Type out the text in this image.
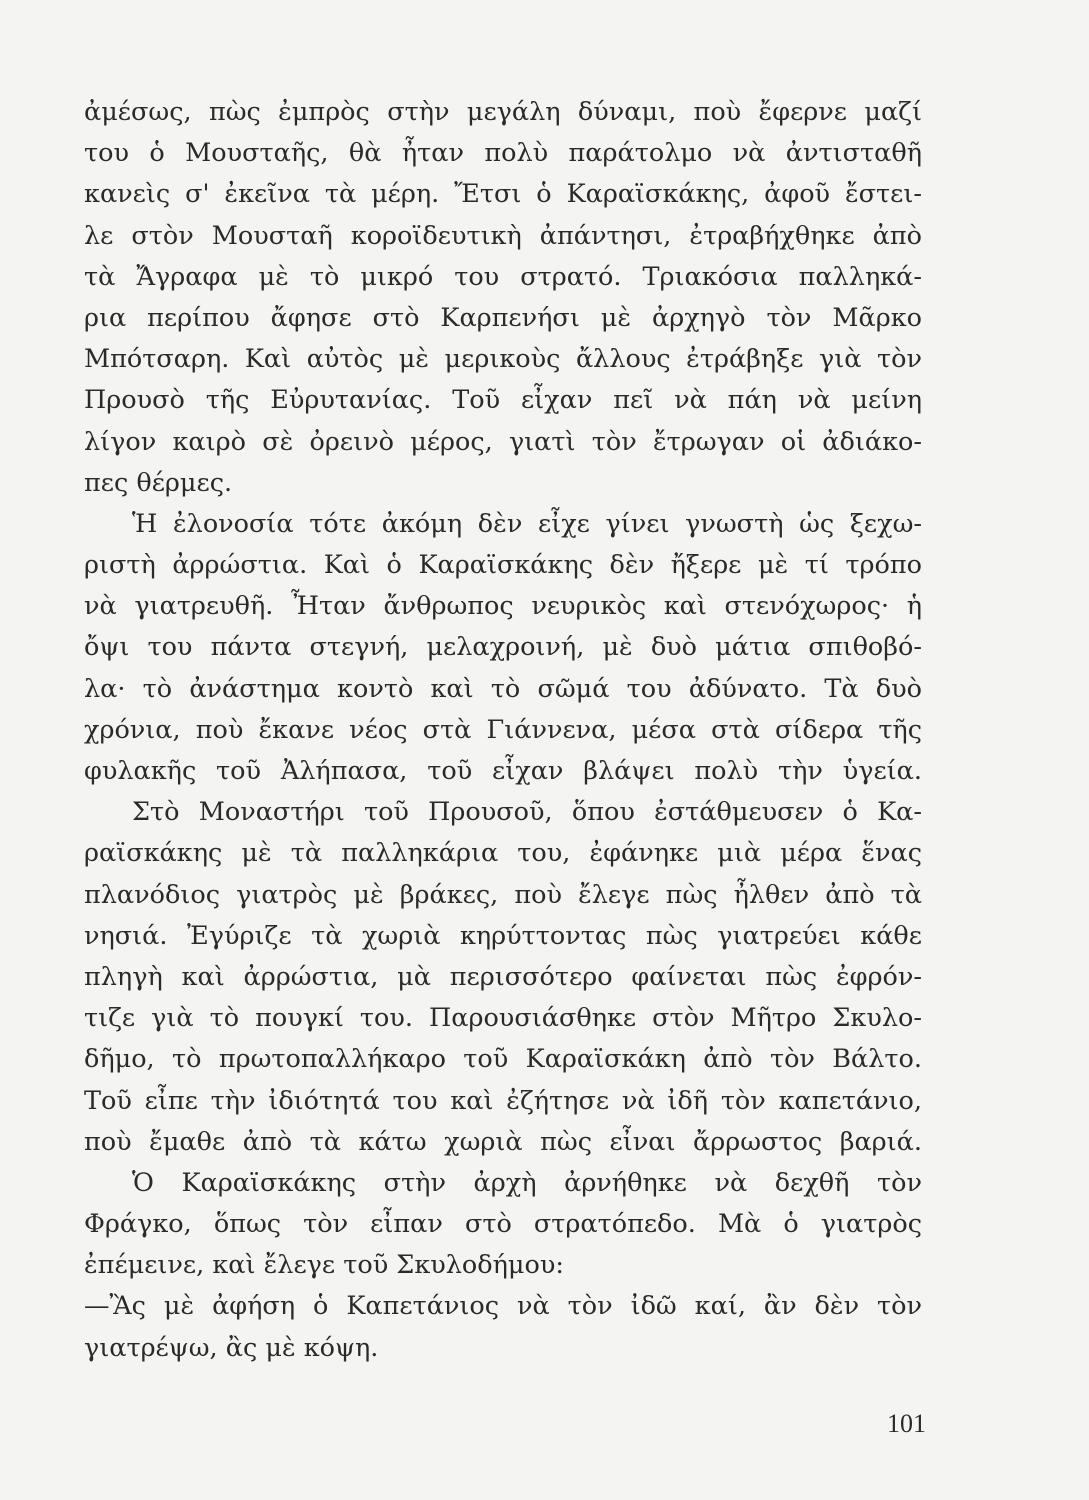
ἀμέσως, πὼς ἐμπρὸς στὴν μεγάλη δύναμι, ποὺ ἔφερνε μαζί
του ὁ Μουσταῆς, θὰ ἦταν πολὺ παράτολμο νὰ ἀντισταθῆ
κανεὶς σ' ἐκεῖνα τὰ μέρη. Ἔτσι ὁ Καραϊσκάκης, ἀφοῦ ἔστει-
λε στὸν Μουσταῆ κοροϊδευτικὴ ἀπάντησι, ἐτραβήχθηκε ἀπὸ
τὰ Ἄγραφα μὲ τὸ μικρό του στρατό. Τριακόσια παλληκά-
ρια περίπου ἄφησε στὸ Καρπενήσι μὲ ἀρχηγὸ τὸν Μᾶρκο
Μπότσαρη. Καὶ αὐτὸς μὲ μερικοὺς ἄλλους ἐτράβηξε γιὰ τὸν
Προυσὸ τῆς Εὐρυτανίας. Τοῦ εἶχαν πεῖ νὰ πάη νὰ μείνη
λίγον καιρὸ σὲ ὀρεινὸ μέρος, γιατὶ τὸν ἔτρωγαν οἱ ἀδιάκο-
πες θέρμες.
Ἡ ἐλονοσία τότε ἀκόμη δὲν εἶχε γίνει γνωστὴ ὡς ξεχω-
ριστὴ ἀρρώστια. Καὶ ὁ Καραϊσκάκης δὲν ἤξερε μὲ τί τρόπο
νὰ γιατρευθῆ. Ἦταν ἄνθρωπος νευρικὸς καὶ στενόχωρος· ἡ
ὄψι του πάντα στεγνή, μελαχροινή, μὲ δυὸ μάτια σπιθοβό-
λα· τὸ ἀνάστημα κοντὸ καὶ τὸ σῶμά του ἀδύνατο. Τὰ δυὸ
χρόνια, ποὺ ἔκανε νέος στὰ Γιάννενα, μέσα στὰ σίδερα τῆς
φυλακῆς τοῦ Ἀλήπασα, τοῦ εἶχαν βλάψει πολὺ τὴν ὑγεία.
Στὸ Μοναστήρι τοῦ Προυσοῦ, ὅπου ἐστάθμευσεν ὁ Κα-
ραϊσκάκης μὲ τὰ παλληκάρια του, ἐφάνηκε μιὰ μέρα ἕνας
πλανόδιος γιατρὸς μὲ βράκες, ποὺ ἔλεγε πὼς ἦλθεν ἀπὸ τὰ
νησιά. Ἐγύριζε τὰ χωριὰ κηρύττοντας πὼς γιατρεύει κάθε
πληγὴ καὶ ἀρρώστια, μὰ περισσότερο φαίνεται πὼς ἐφρόν-
τιζε γιὰ τὸ πουγκί του. Παρουσιάσθηκε στὸν Μῆτρο Σκυλο-
δῆμο, τὸ πρωτοπαλλήκαρο τοῦ Καραϊσκάκη ἀπὸ τὸν Βάλτο.
Τοῦ εἶπε τὴν ἰδιότητά του καὶ ἐζήτησε νὰ ἰδῆ τὸν καπετάνιο,
ποὺ ἔμαθε ἀπὸ τὰ κάτω χωριὰ πὼς εἶναι ἄρρωστος βαριά.
Ὁ Καραϊσκάκης στὴν ἀρχὴ ἀρνήθηκε νὰ δεχθῆ τὸν
Φράγκο, ὅπως τὸν εἶπαν στὸ στρατόπεδο. Μὰ ὁ γιατρὸς
ἐπέμεινε, καὶ ἔλεγε τοῦ Σκυλοδήμου:
—Ἂς μὲ ἀφήση ὁ Καπετάνιος νὰ τὸν ἰδῶ καί, ἂν δὲν τὸν
γιατρέψω, ἂς μὲ κόψη.
101
